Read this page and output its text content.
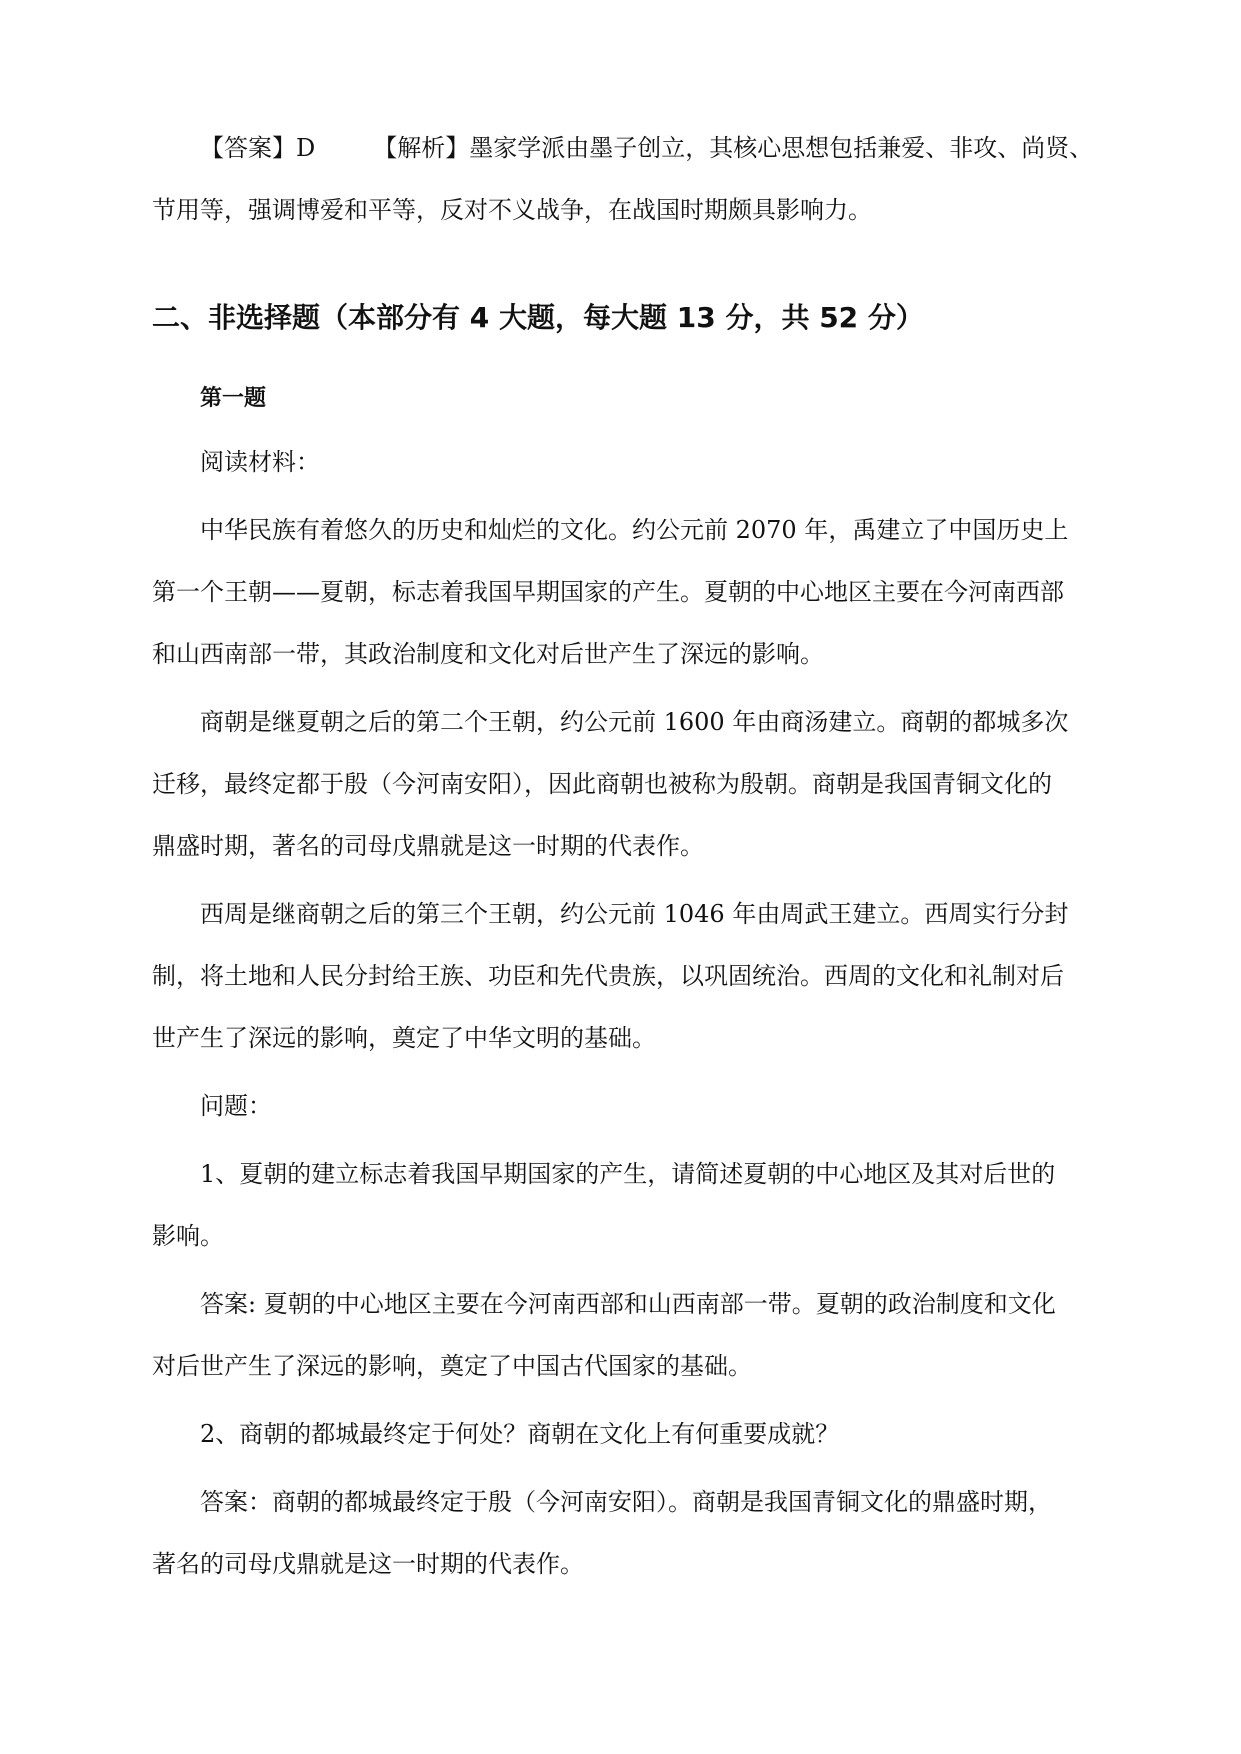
【答案】D 【解析】墨家学派由墨子创立，其核心思想包括兼爱、非攻、尚贤、
节用等，强调博爱和平等，反对不义战争，在战国时期颇具影响力。
二、非选择题（本部分有 4 大题，每大题 13 分，共 52 分）
第一题
阅读材料：
中华民族有着悠久的历史和灿烂的文化。约公元前 2070 年，禹建立了中国历史上
第一个王朝——夏朝，标志着我国早期国家的产生。夏朝的中心地区主要在今河南西部
和山西南部一带，其政治制度和文化对后世产生了深远的影响。
商朝是继夏朝之后的第二个王朝，约公元前 1600 年由商汤建立。商朝的都城多次
迁移，最终定都于殷（今河南安阳），因此商朝也被称为殷朝。商朝是我国青铜文化的
鼎盛时期，著名的司母戊鼎就是这一时期的代表作。
西周是继商朝之后的第三个王朝，约公元前 1046 年由周武王建立。西周实行分封
制，将土地和人民分封给王族、功臣和先代贵族，以巩固统治。西周的文化和礼制对后
世产生了深远的影响，奠定了中华文明的基础。
问题：
1、夏朝的建立标志着我国早期国家的产生，请简述夏朝的中心地区及其对后世的
影响。
答案: 夏朝的中心地区主要在今河南西部和山西南部一带。夏朝的政治制度和文化
对后世产生了深远的影响，奠定了中国古代国家的基础。
2、商朝的都城最终定于何处？商朝在文化上有何重要成就？
答案：商朝的都城最终定于殷（今河南安阳）。商朝是我国青铜文化的鼎盛时期，
著名的司母戊鼎就是这一时期的代表作。
